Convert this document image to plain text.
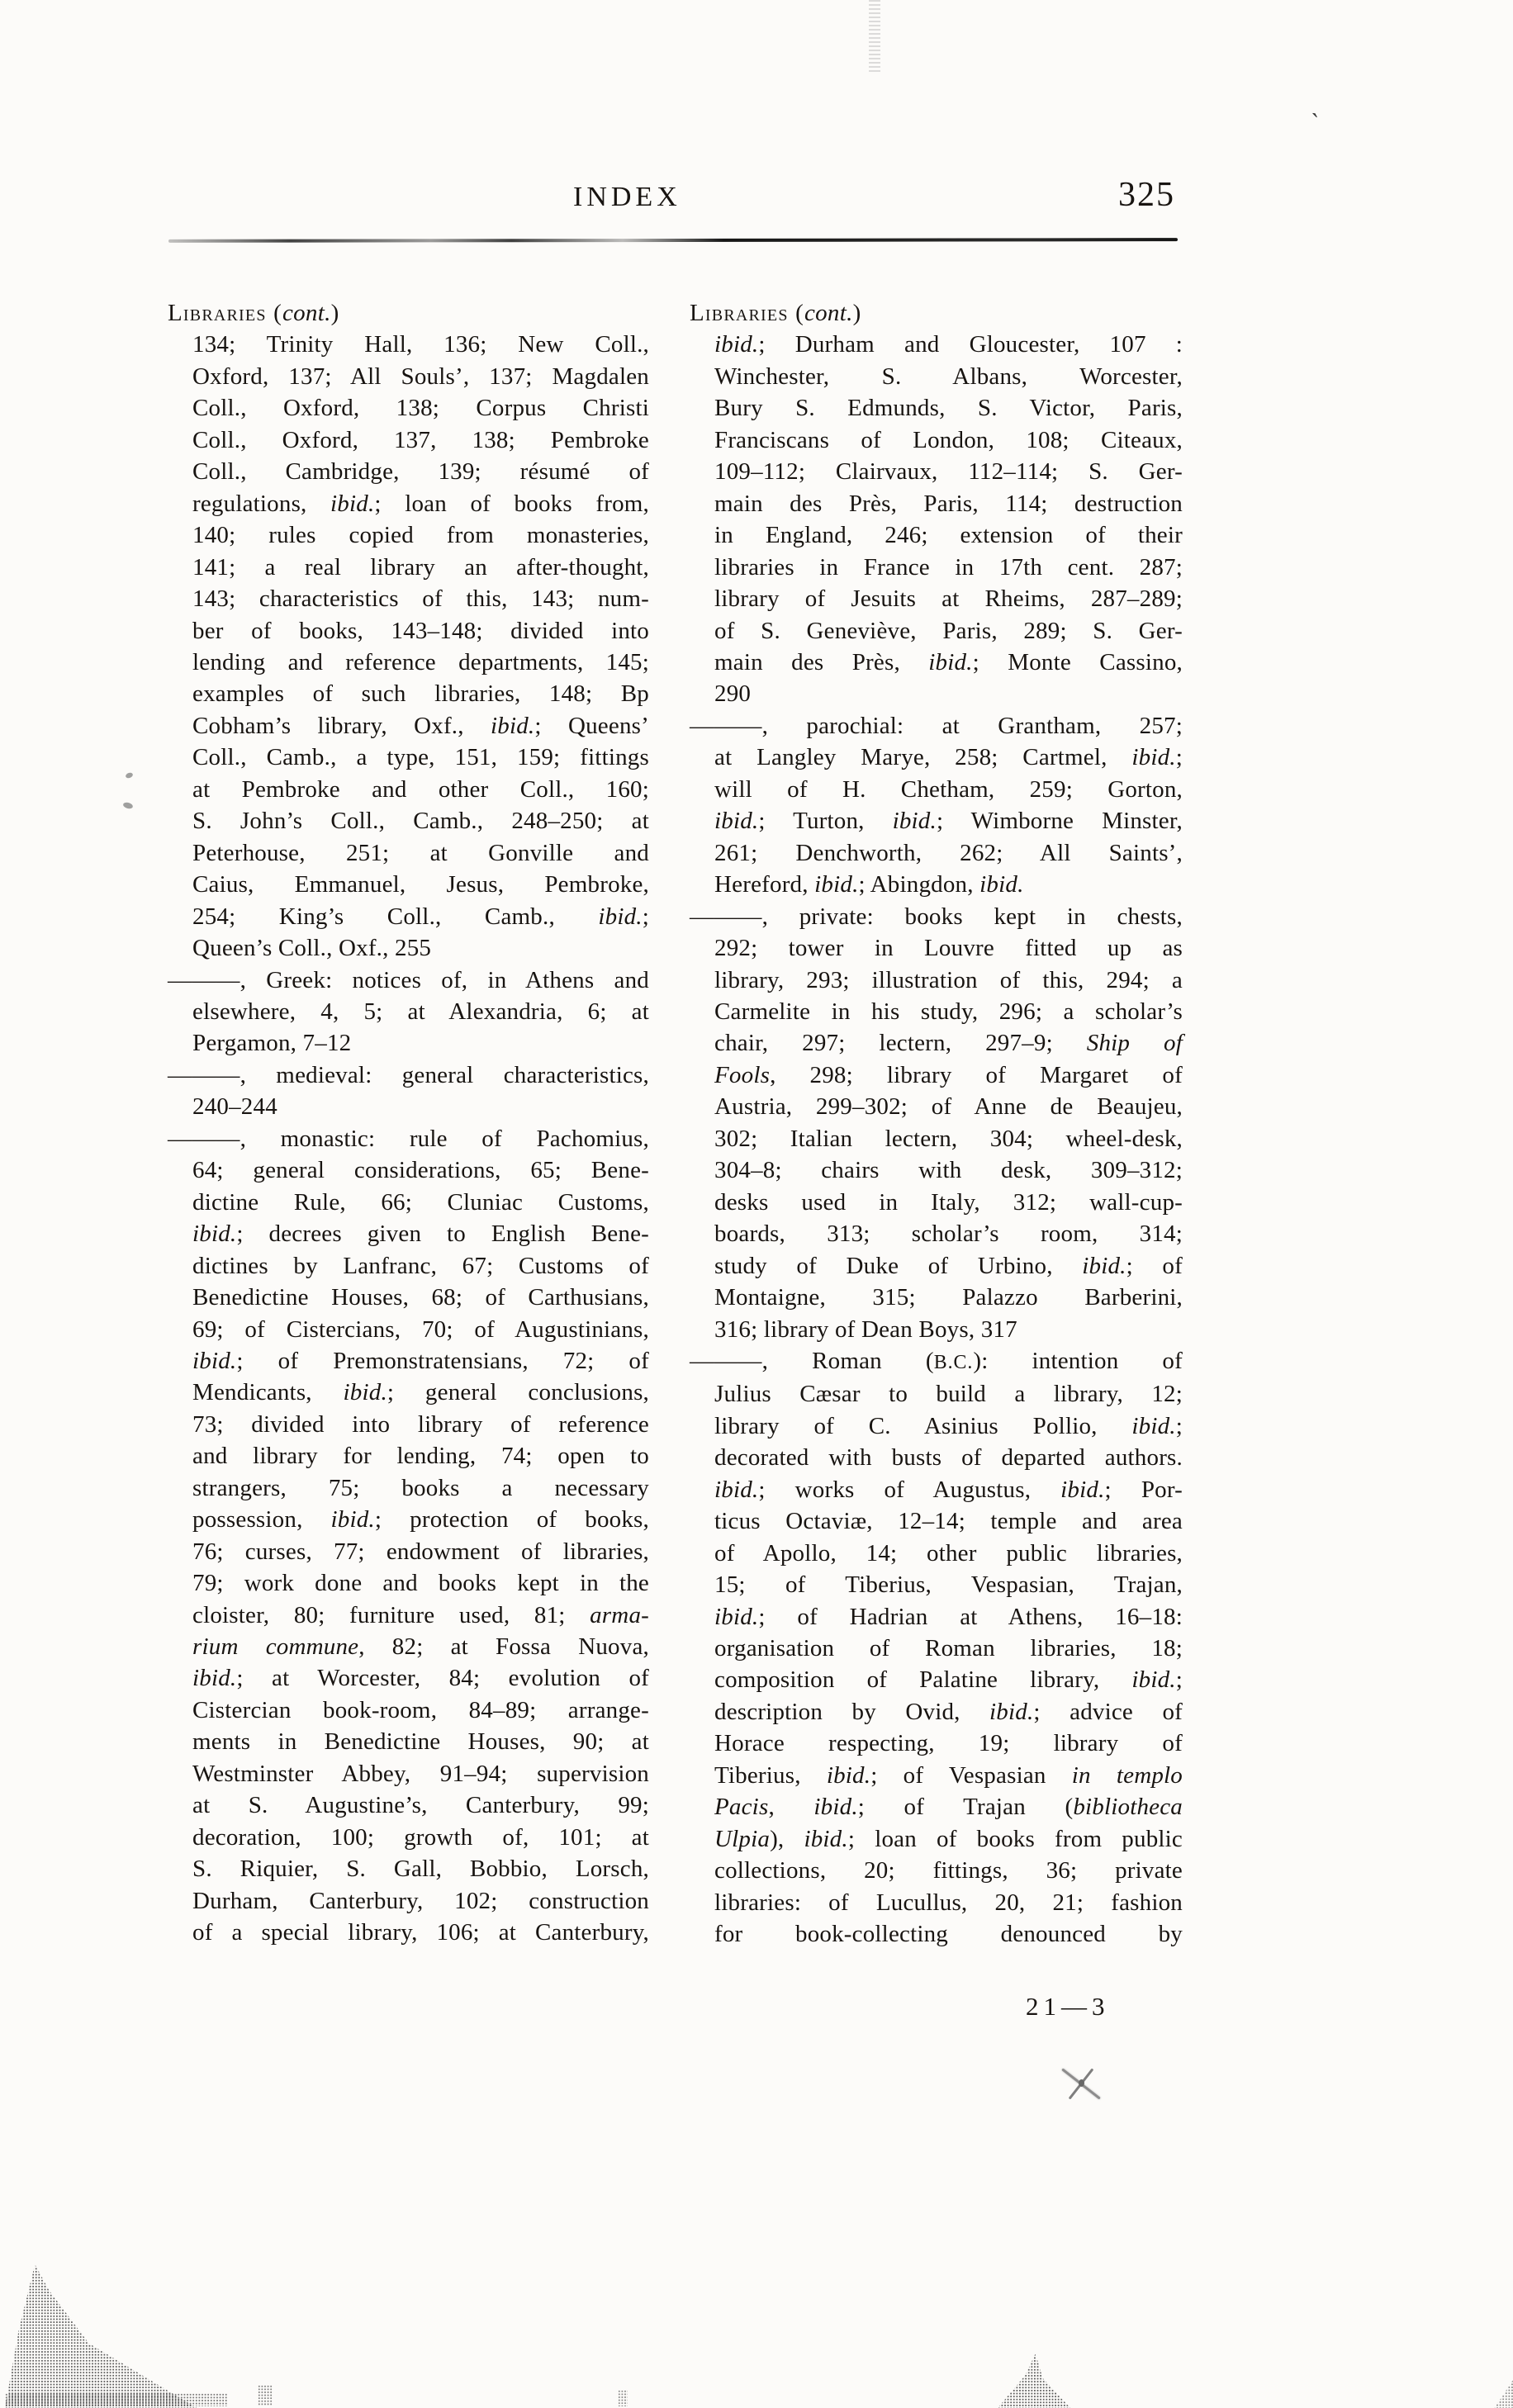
`
INDEX	325
Libraries (cont.)
134; Trinity Hall, 136; New Coll.,
Oxford, 137; All Souls’, 137; Magdalen
Coll., Oxford, 138; Corpus Christi
Coll., Oxford, 137, 138; Pembroke
Coll., Cambridge, 139; résumé of
regulations, ibid.; loan of books from,
140; rules copied from monasteries,
141; a real library an after-thought,
143; characteristics of this, 143; num-
ber of books, 143–148; divided into
lending and reference departments, 145;
examples of such libraries, 148; Bp
Cobham’s library, Oxf., ibid.; Queens’
Coll., Camb., a type, 151, 159; fittings
at Pembroke and other Coll., 160;
S. John’s Coll., Camb., 248–250; at
Peterhouse, 251; at Gonville and
Caius, Emmanuel, Jesus, Pembroke,
254; King’s Coll., Camb., ibid.;
Queen’s Coll., Oxf., 255
———, Greek: notices of, in Athens and
elsewhere, 4, 5; at Alexandria, 6; at
Pergamon, 7–12
———, medieval: general characteristics,
240–244
———, monastic: rule of Pachomius,
64; general considerations, 65; Bene-
dictine Rule, 66; Cluniac Customs,
ibid.; decrees given to English Bene-
dictines by Lanfranc, 67; Customs of
Benedictine Houses, 68; of Carthusians,
69; of Cistercians, 70; of Augustinians,
ibid.; of Premonstratensians, 72; of
Mendicants, ibid.; general conclusions,
73; divided into library of reference
and library for lending, 74; open to
strangers, 75; books a necessary
possession, ibid.; protection of books,
76; curses, 77; endowment of libraries,
79; work done and books kept in the
cloister, 80; furniture used, 81; arma-
rium commune, 82; at Fossa Nuova,
ibid.; at Worcester, 84; evolution of
Cistercian book-room, 84–89; arrange-
ments in Benedictine Houses, 90; at
Westminster Abbey, 91–94; supervision
at S. Augustine’s, Canterbury, 99;
decoration, 100; growth of, 101; at
S. Riquier, S. Gall, Bobbio, Lorsch,
Durham, Canterbury, 102; construction
of a special library, 106; at Canterbury,
Libraries (cont.)
ibid.; Durham and Gloucester, 107 :
Winchester, S. Albans, Worcester,
Bury S. Edmunds, S. Victor, Paris,
Franciscans of London, 108; Citeaux,
109–112; Clairvaux, 112–114; S. Ger-
main des Près, Paris, 114; destruction
in England, 246; extension of their
libraries in France in 17th cent. 287;
library of Jesuits at Rheims, 287–289;
of S. Geneviève, Paris, 289; S. Ger-
main des Près, ibid.; Monte Cassino,
290
———, parochial: at Grantham, 257;
at Langley Marye, 258; Cartmel, ibid.;
will of H. Chetham, 259; Gorton,
ibid.; Turton, ibid.; Wimborne Minster,
261; Denchworth, 262; All Saints’,
Hereford, ibid.; Abingdon, ibid.
———, private: books kept in chests,
292; tower in Louvre fitted up as
library, 293; illustration of this, 294; a
Carmelite in his study, 296; a scholar’s
chair, 297; lectern, 297–9; Ship of
Fools, 298; library of Margaret of
Austria, 299–302; of Anne de Beaujeu,
302; Italian lectern, 304; wheel-desk,
304–8; chairs with desk, 309–312;
desks used in Italy, 312; wall-cup-
boards, 313; scholar’s room, 314;
study of Duke of Urbino, ibid.; of
Montaigne, 315; Palazzo Barberini,
316; library of Dean Boys, 317
———, Roman (B.C.): intention of
Julius Cæsar to build a library, 12;
library of C. Asinius Pollio, ibid.;
decorated with busts of departed authors.
ibid.; works of Augustus, ibid.; Por-
ticus Octaviæ, 12–14; temple and area
of Apollo, 14; other public libraries,
15; of Tiberius, Vespasian, Trajan,
ibid.; of Hadrian at Athens, 16–18:
organisation of Roman libraries, 18;
composition of Palatine library, ibid.;
description by Ovid, ibid.; advice of
Horace respecting, 19; library of
Tiberius, ibid.; of Vespasian in templo
Pacis, ibid.; of Trajan (bibliotheca
Ulpia), ibid.; loan of books from public
collections, 20; fittings, 36; private
libraries: of Lucullus, 20, 21; fashion
for book-collecting denounced by
21—3
